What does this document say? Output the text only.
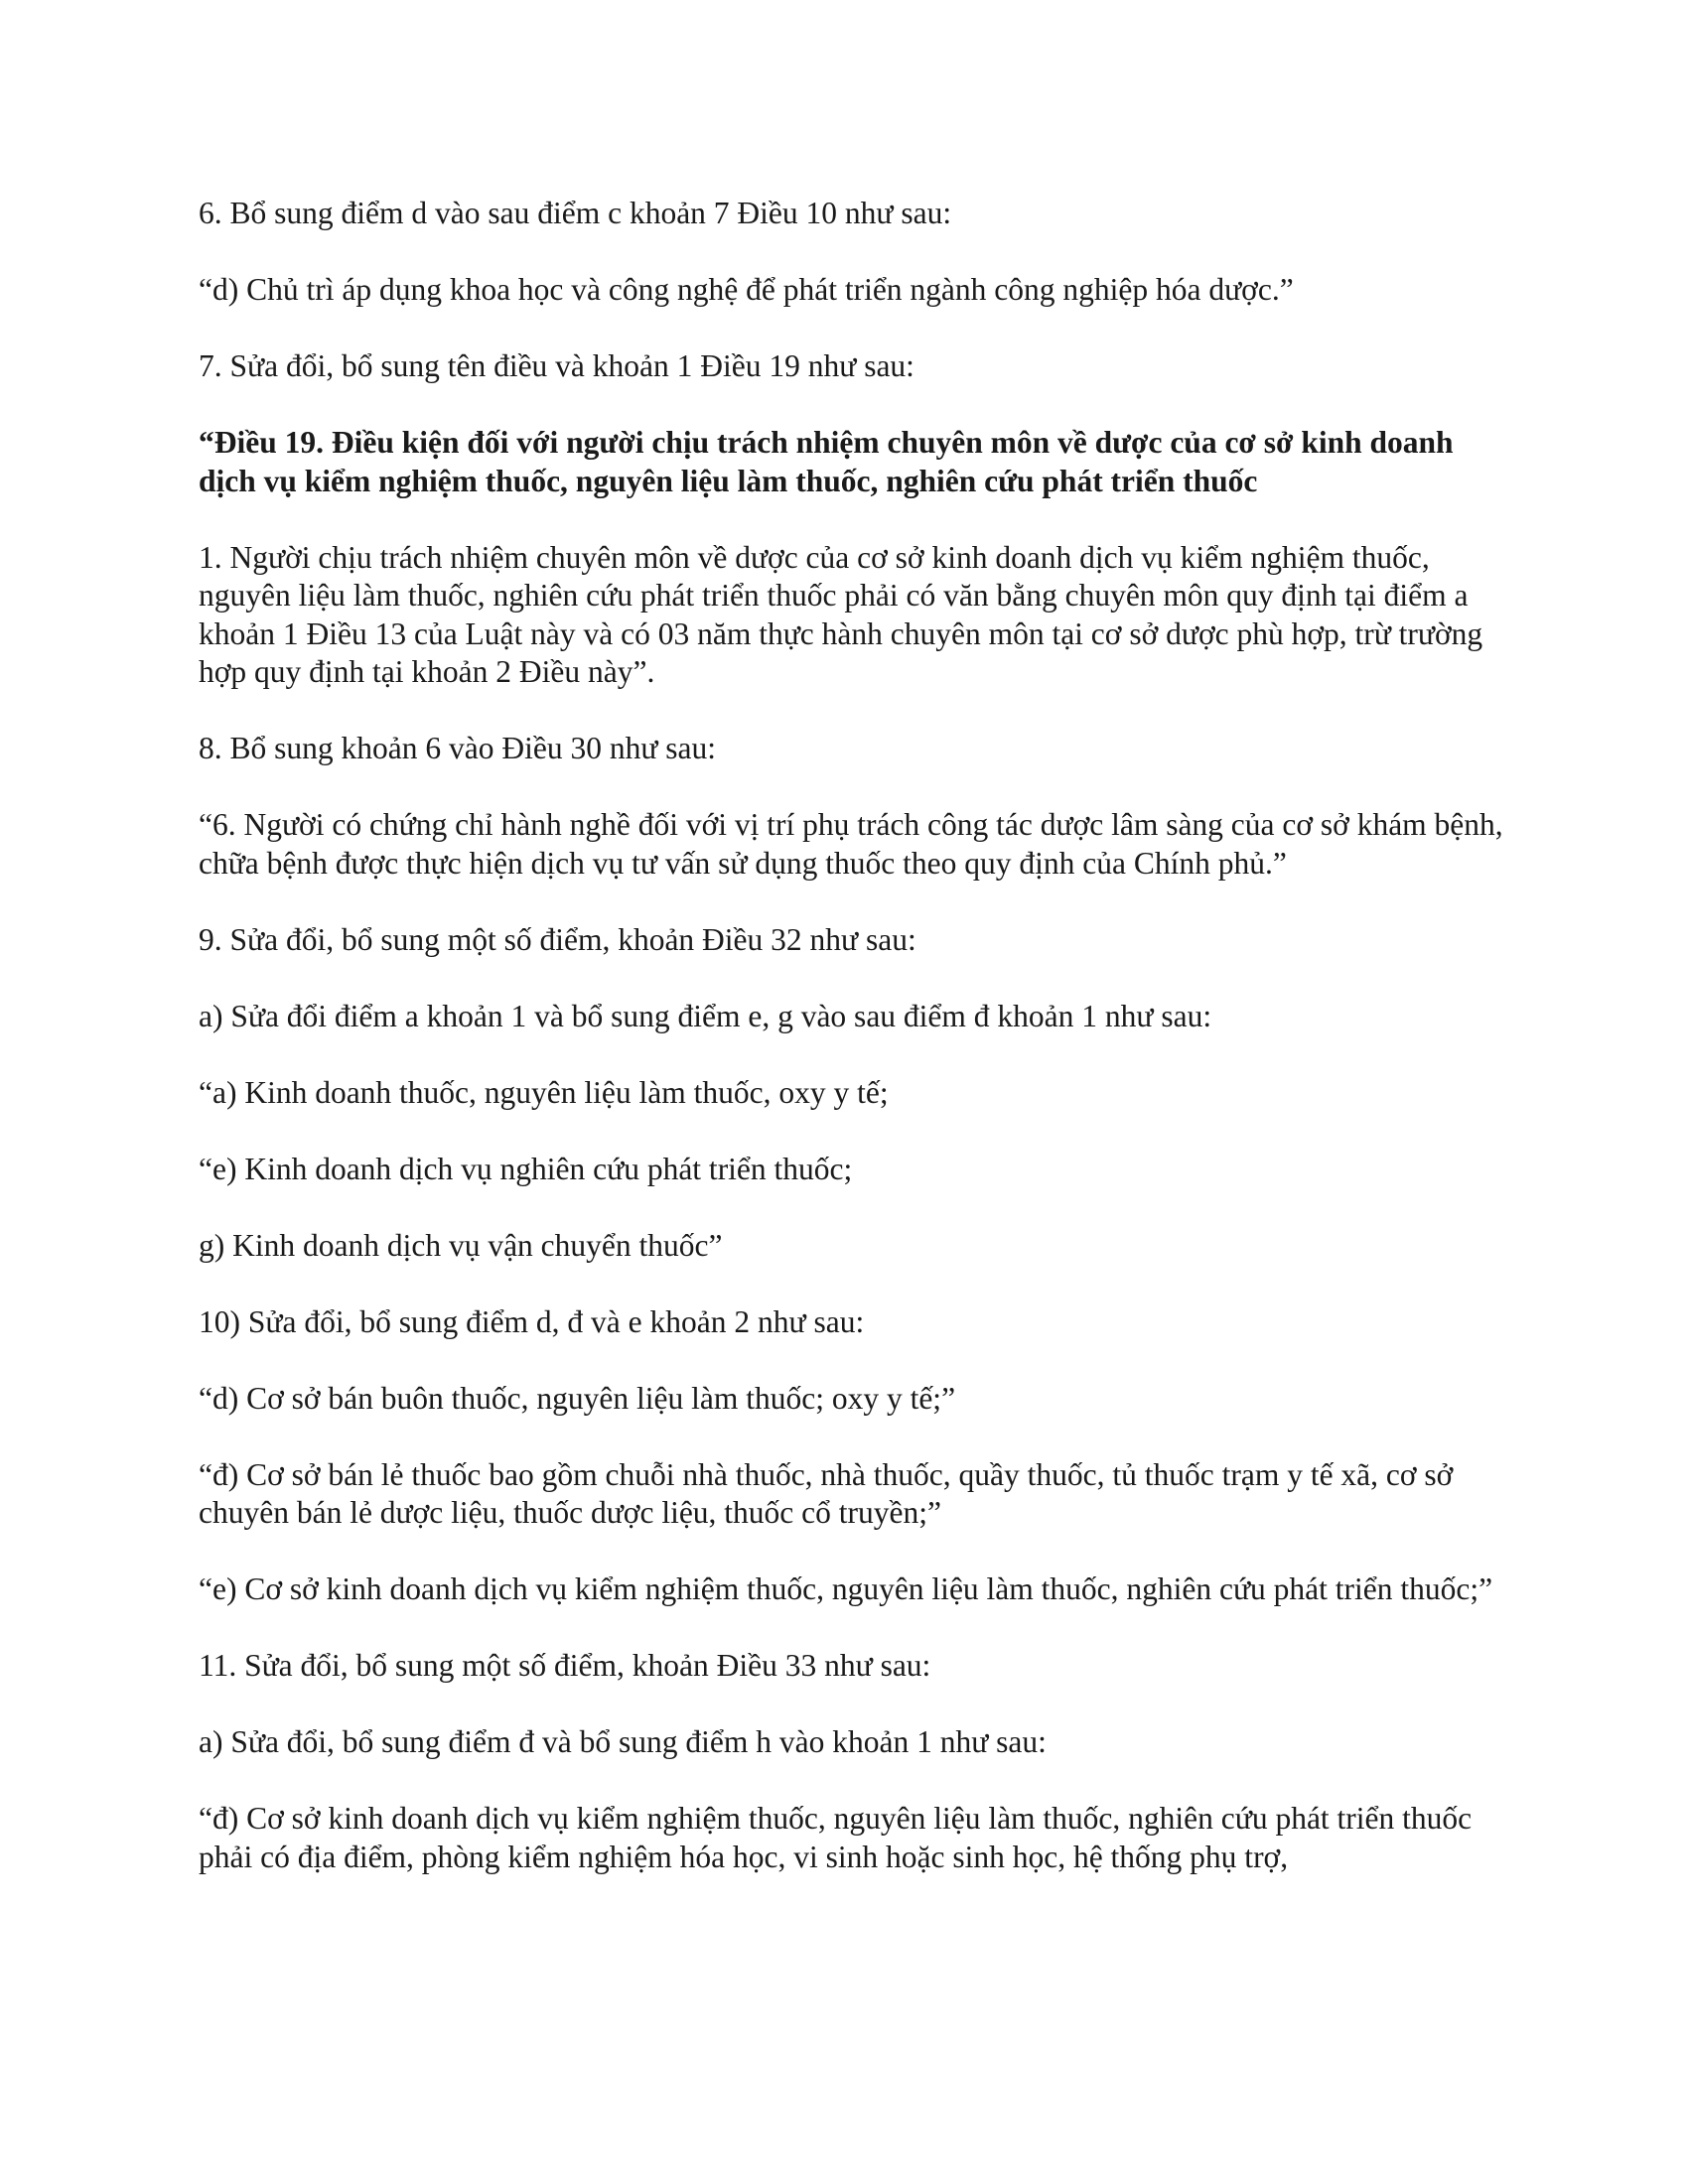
6. Bổ sung điểm d vào sau điểm c khoản 7 Điều 10 như sau:

“d) Chủ trì áp dụng khoa học và công nghệ để phát triển ngành công nghiệp hóa dược.”

7. Sửa đổi, bổ sung tên điều và khoản 1 Điều 19 như sau:

“Điều 19. Điều kiện đối với người chịu trách nhiệm chuyên môn về dược của cơ sở kinh doanh dịch vụ kiểm nghiệm thuốc, nguyên liệu làm thuốc, nghiên cứu phát triển thuốc

1. Người chịu trách nhiệm chuyên môn về dược của cơ sở kinh doanh dịch vụ kiểm nghiệm thuốc, nguyên liệu làm thuốc, nghiên cứu phát triển thuốc phải có văn bằng chuyên môn quy định tại điểm a khoản 1 Điều 13 của Luật này và có 03 năm thực hành chuyên môn tại cơ sở dược phù hợp, trừ trường hợp quy định tại khoản 2 Điều này”.

8. Bổ sung khoản 6 vào Điều 30 như sau:

“6. Người có chứng chỉ hành nghề đối với vị trí phụ trách công tác dược lâm sàng của cơ sở khám bệnh, chữa bệnh được thực hiện dịch vụ tư vấn sử dụng thuốc theo quy định của Chính phủ.”

9. Sửa đổi, bổ sung một số điểm, khoản Điều 32 như sau:

a) Sửa đổi điểm a khoản 1 và bổ sung điểm e, g vào sau điểm đ khoản 1 như sau:

“a) Kinh doanh thuốc, nguyên liệu làm thuốc, oxy y tế;

“e) Kinh doanh dịch vụ nghiên cứu phát triển thuốc;

g) Kinh doanh dịch vụ vận chuyển thuốc”

10) Sửa đổi, bổ sung điểm d, đ và e khoản 2 như sau:

“d) Cơ sở bán buôn thuốc, nguyên liệu làm thuốc; oxy y tế;”

“đ) Cơ sở bán lẻ thuốc bao gồm chuỗi nhà thuốc, nhà thuốc, quầy thuốc, tủ thuốc trạm y tế xã, cơ sở chuyên bán lẻ dược liệu, thuốc dược liệu, thuốc cổ truyền;”

“e) Cơ sở kinh doanh dịch vụ kiểm nghiệm thuốc, nguyên liệu làm thuốc, nghiên cứu phát triển thuốc;”

11. Sửa đổi, bổ sung một số điểm, khoản Điều 33 như sau:

a) Sửa đổi, bổ sung điểm đ và bổ sung điểm h vào khoản 1 như sau:

“đ) Cơ sở kinh doanh dịch vụ kiểm nghiệm thuốc, nguyên liệu làm thuốc, nghiên cứu phát triển thuốc phải có địa điểm, phòng kiểm nghiệm hóa học, vi sinh hoặc sinh học, hệ thống phụ trợ,
